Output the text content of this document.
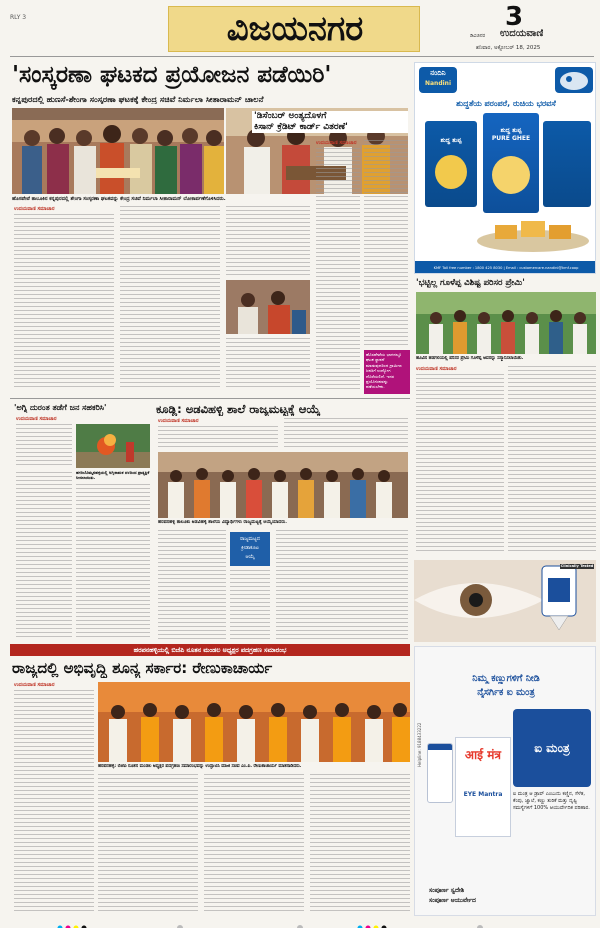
RLY 3	ವಿಜಯನಗರ	3
ಡಿವಿಜಿನರ ಉದಯವಾಣಿ
ಶನಿವಾರ, ಅಕ್ಟೋಬರ್ 18, 2025
'ಸಂಸ್ಕರಣಾ ಘಟಕದ ಪ್ರಯೋಜನ ಪಡೆಯಿರಿ'
ಕನ್ನಪುರದಲ್ಲಿ ಹುಣಸೆ-ಶೇಂಗಾ ಸಂಸ್ಕರಣಾ ಘಟಕಕ್ಕೆ ಕೇಂದ್ರ ಸಚಿವೆ ನಿರ್ಮಲಾ ಸೀತಾರಾಮನ್ ಚಾಲನೆ
ಹೊಸಪೇಟೆ ತಾಲೂಕಿನ ಕನ್ನಪುರದಲ್ಲಿ ಶೇಂಗಾ ಸಂಸ್ಕರಣಾ ಘಟಕವನ್ನು ಕೇಂದ್ರ ಸಚಿವೆ ನಿರ್ಮಲಾ ಸೀತಾರಾಮನ್ ಲೋಕಾರ್ಪಣೆಗೊಳಿಸಿದರು.
ಉದಯವಾಣಿ ಸಮಾಚಾರ
'ಡಿಸೆಂಬರ್ ಅಂತ್ಯದೊಳಗೆ
ಕಿಸಾನ್ ಕ್ರೆಡಿಟ್ ಕಾರ್ಡ್ ವಿತರಣೆ'
ಉದಯವಾಣಿ ಸಮಾಚಾರ
ಹೊಸಪೇಟೆಯ ಭಾಗದಲ್ಲೂ ಘಟಕ ಸ್ಥಾಪನೆ ಮಾಡುವುದರಿಂದ ಗ್ರಾಮೀಣ ಜನರಿಗೆ ಉದ್ಯೋಗ ದೊರೆಯಲಿದೆ. ಇದರ ಪ್ರಯೋಜನವನ್ನು ಪಡೆಯಬೇಕು.
ನಂದಿನಿ
Nandini
ಶುದ್ಧತೆಯ ಪರಂಪರೆ, ರುಚಿಯ ಭರವಸೆ
ಶುದ್ಧ ತುಪ್ಪ
ಶುದ್ಧ ತುಪ್ಪ
PURE GHEE
KMF Toll free number : 1800 425 8030 | Email : customercare.nandini@kmf.coop
'ಭಟ್ಟಿಲ್ಲ ಗೂಳೆಪ್ಪ ವಿಶಿಷ್ಟ ಪರಿಸರ ಪ್ರೇಮಿ'
ಹೂವಿನ ಹಡಗಲಿಯಲ್ಲಿ ಪರಿಸರ ಪ್ರೇಮಿ ಗೂಳೆಪ್ಪ ಅವರನ್ನು ಸನ್ಮಾನಿಸಲಾಯಿತು.
ಉದಯವಾಣಿ ಸಮಾಚಾರ
'ಅಗ್ನಿ ದುರಂತ ತಡೆಗೆ ಜನ ಸಹಕರಿಸಿ'
ಉದಯವಾಣಿ ಸಮಾಚಾರ
ಹಗರಿಬೊಮ್ಮನಹಳ್ಳಿಯಲ್ಲಿ ಅಗ್ನಿಶಾಮಕ ದಳದಿಂದ ಪ್ರಾತ್ಯಕ್ಷಿಕೆ ನೀಡಲಾಯಿತು.
ಕೂಡ್ಲಿ: ಅಡವಿಹಳ್ಳಿ ಶಾಲೆ ರಾಜ್ಯಮಟ್ಟಕ್ಕೆ ಆಯ್ಕೆ
ಉದಯವಾಣಿ ಸಮಾಚಾರ
ಹರಪನಹಳ್ಳಿ ತಾಲೂಕು ಅಡವಿಹಳ್ಳಿ ಶಾಲೆಯ ವಿದ್ಯಾರ್ಥಿಗಳು ರಾಜ್ಯಮಟ್ಟಕ್ಕೆ ಆಯ್ಕೆಯಾದರು.
ರಾಜ್ಯಮಟ್ಟದ
ಕ್ರೀಡಾಕೂಟ
ಆಯ್ಕೆ
Clinically Tested
ಹರಪನಹಳ್ಳಿಯಲ್ಲಿ ಬಿಜೆಪಿ ನೂತನ ಮಂಡಲ ಅಧ್ಯಕ್ಷರ ಪದಗ್ರಹಣ ಸಮಾರಂಭ
ರಾಜ್ಯದಲ್ಲಿ ಅಭಿವೃದ್ಧಿ ಶೂನ್ಯ ಸರ್ಕಾರ: ರೇಣುಕಾಚಾರ್ಯ
ಉದಯವಾಣಿ ಸಮಾಚಾರ
ಹರಪನಹಳ್ಳಿ: ಬಿಜೆಪಿ ನೂತನ ಮಂಡಲ ಅಧ್ಯಕ್ಷರ ಪದಗ್ರಹಣ ಸಮಾರಂಭವನ್ನು ಉದ್ಘಾಟಿಸಿ ಮಾಜಿ ಸಚಿವ ಎಂ.ಪಿ. ರೇಣುಕಾಚಾರ್ಯ ಮಾತನಾಡಿದರು.
ನಿಮ್ಮ ಕಣ್ಣುಗಳಿಗೆ ನೀಡಿ
ನೈಸರ್ಗಿಕ ಐ ಮಂತ್ರ
Helpline: 9188433222	आई मंत्र
EYE Mantra
ಐ ಮಂತ್ರ
ಐ ಮಂತ್ರ ಆ ಡ್ರಾಪ್ ಎಂಬುದು ಕಣ್ಣಿನ, ಸೆಳೆತ, ಕೆಂಪು, ಜ್ವಾಲೆ, ಕಣ್ಣು ತುರಿಕೆ ಮತ್ತು ದೃಷ್ಟಿ ಸಮಸ್ಯೆಗಳಿಗೆ 100% ಆಯುರ್ವೇದಿಕ ಪರಿಹಾರ.
ಸಂಪೂರ್ಣ ಸ್ವದೇಶಿ
ಸಂಪೂರ್ಣ ಆಯುರ್ವೇದ
